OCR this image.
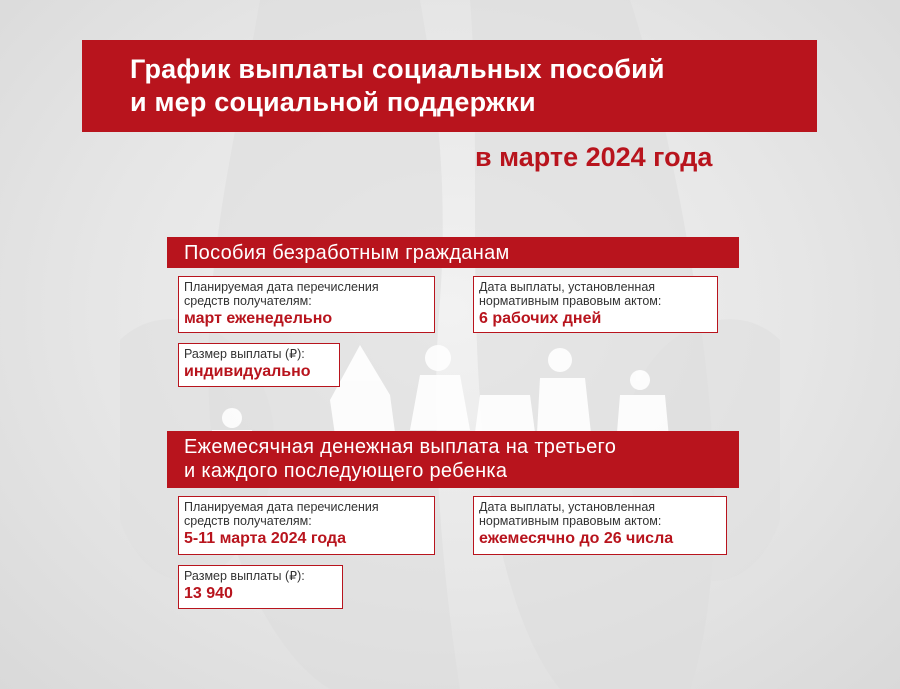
График выплаты социальных пособий
и мер социальной поддержки
в марте 2024 года
Пособия безработным гражданам
Планируемая дата перечисления
средств получателям:
март еженедельно
Дата выплаты, установленная
нормативным правовым актом:
6 рабочих дней
Размер выплаты (₽):
индивидуально
Ежемесячная денежная выплата на третьего
и каждого последующего ребенка
Планируемая дата перечисления
средств получателям:
5-11 марта 2024 года
Дата выплаты, установленная
нормативным правовым актом:
ежемесячно до 26 числа
Размер выплаты (₽):
13 940
